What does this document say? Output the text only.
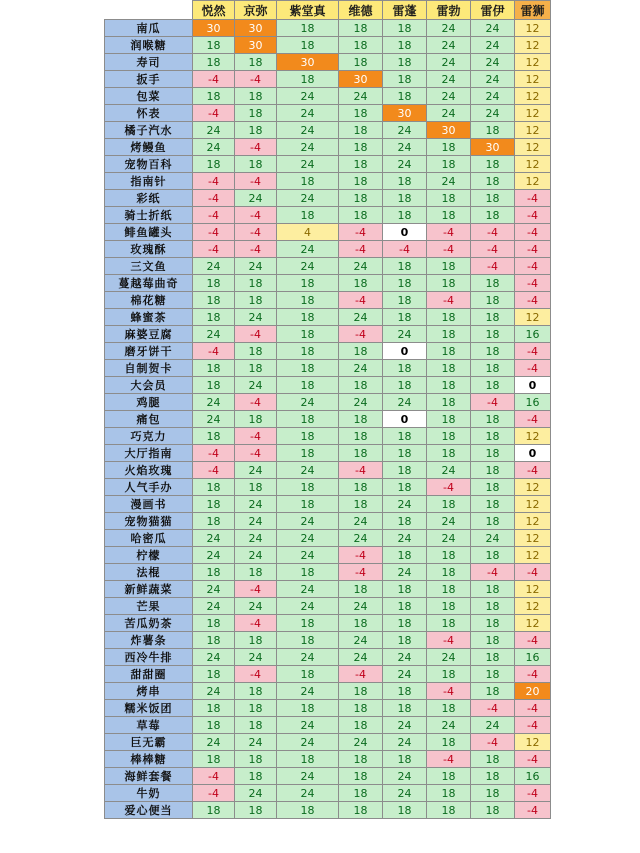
	悦然	京弥	紫堂真	维德	雷蓬	雷勃	雷伊	雷狮
南瓜	30	30	18	18	18	24	24	12
润喉糖	18	30	18	18	18	24	24	12
寿司	18	18	30	18	18	24	24	12
扳手	-4	-4	18	30	18	24	24	12
包菜	18	18	24	24	18	24	24	12
怀表	-4	18	24	18	30	24	24	12
橘子汽水	24	18	24	18	24	30	18	12
烤鳗鱼	24	-4	24	18	24	18	30	12
宠物百科	18	18	24	18	24	18	18	12
指南针	-4	-4	18	18	18	24	18	12
彩纸	-4	24	24	18	18	18	18	-4
骑士折纸	-4	-4	18	18	18	18	18	-4
鲱鱼罐头	-4	-4	4	-4	0	-4	-4	-4
玫瑰酥	-4	-4	24	-4	-4	-4	-4	-4
三文鱼	24	24	24	24	18	18	-4	-4
蔓越莓曲奇	18	18	18	18	18	18	18	-4
棉花糖	18	18	18	-4	18	-4	18	-4
蜂蜜茶	18	24	18	24	18	18	18	12
麻婆豆腐	24	-4	18	-4	24	18	18	16
磨牙饼干	-4	18	18	18	0	18	18	-4
自制贺卡	18	18	18	24	18	18	18	-4
大会员	18	24	18	18	18	18	18	0
鸡腿	24	-4	24	24	24	18	-4	16
痛包	24	18	18	18	0	18	18	-4
巧克力	18	-4	18	18	18	18	18	12
大厅指南	-4	-4	18	18	18	18	18	0
火焰玫瑰	-4	24	24	-4	18	24	18	-4
人气手办	18	18	18	18	18	-4	18	12
漫画书	18	24	18	18	24	18	18	12
宠物猫猫	18	24	24	24	18	24	18	12
哈密瓜	24	24	24	24	24	24	24	12
柠檬	24	24	24	-4	18	18	18	12
法棍	18	18	18	-4	24	18	-4	-4
新鲜蔬菜	24	-4	24	18	18	18	18	12
芒果	24	24	24	24	18	18	18	12
苦瓜奶茶	18	-4	18	18	18	18	18	12
炸薯条	18	18	18	24	18	-4	18	-4
西冷牛排	24	24	24	24	24	24	18	16
甜甜圈	18	-4	18	-4	24	18	18	-4
烤串	24	18	24	18	18	-4	18	20
糯米饭团	18	18	18	18	18	18	-4	-4
草莓	18	18	24	18	24	24	24	-4
巨无霸	24	24	24	24	24	18	-4	12
棒棒糖	18	18	18	18	18	-4	18	-4
海鲜套餐	-4	18	24	18	24	18	18	16
牛奶	-4	24	24	18	24	18	18	-4
爱心便当	18	18	18	18	18	18	18	-4
